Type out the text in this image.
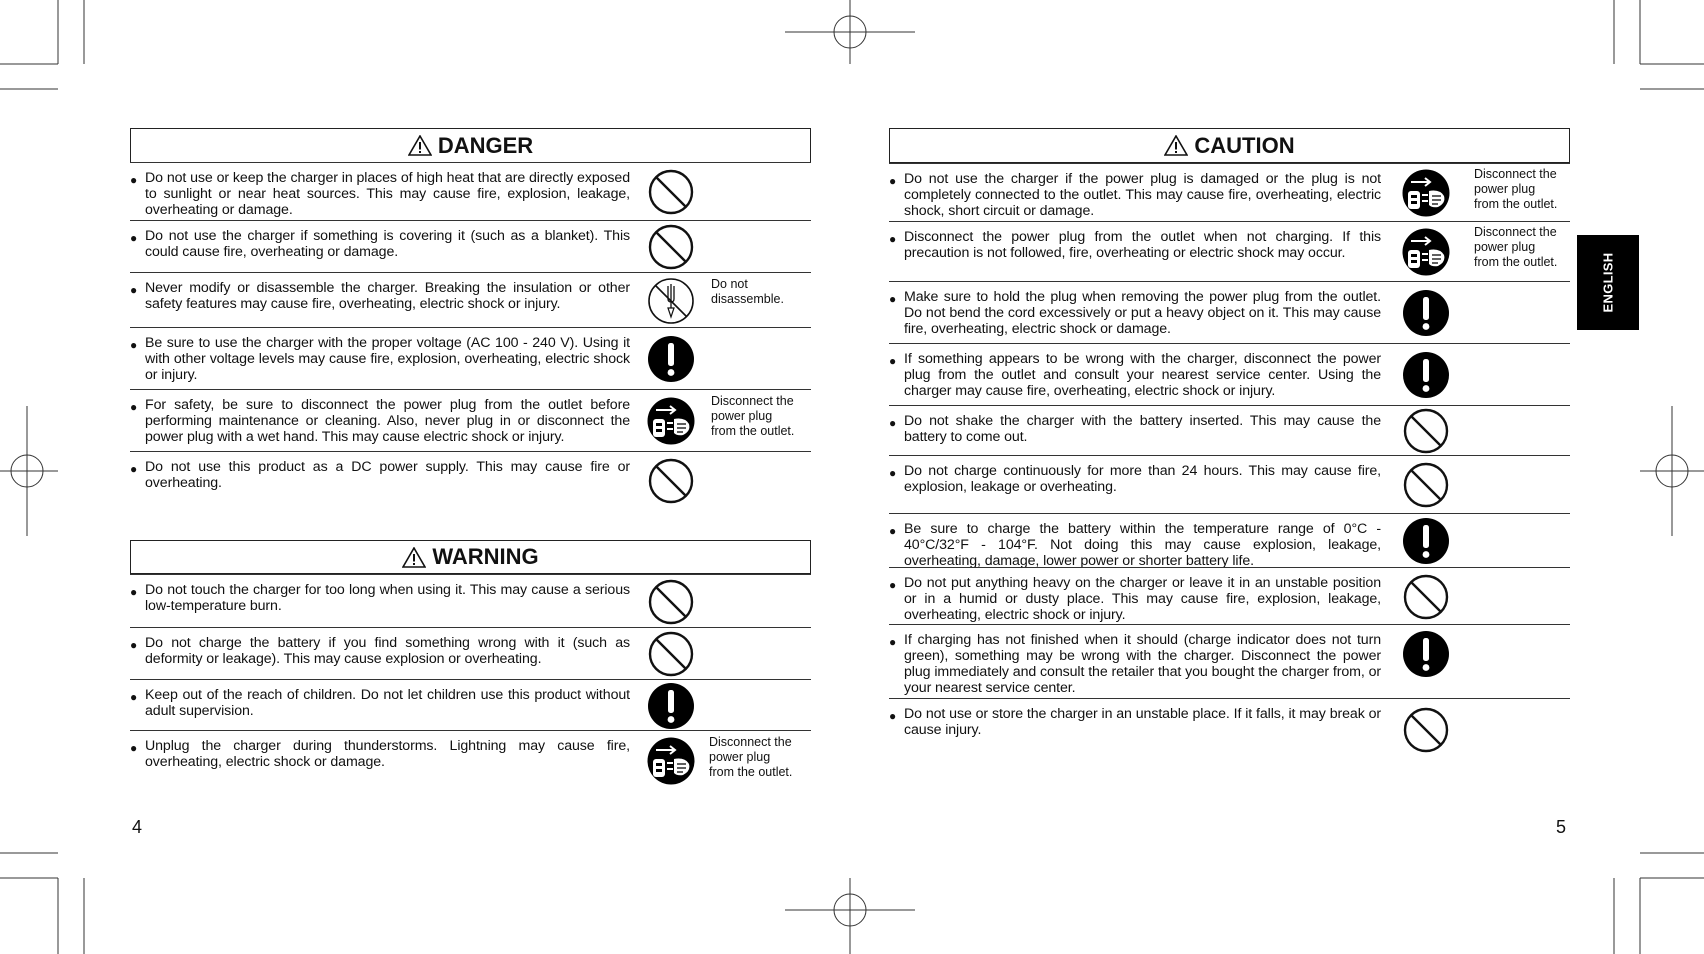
DANGER
● Do not use or keep the charger in places of high heat that are directly exposed to sunlight or near heat sources. This may cause fire, explosion, leakage, overheating or damage.
● Do not use the charger if something is covering it (such as a blanket). This could cause fire, overheating or damage.
● Never modify or disassemble the charger. Breaking the insulation or other safety features may cause fire, overheating, electric shock or injury.
Do not
disassemble.
● Be sure to use the charger with the proper voltage (AC 100 - 240 V). Using it with other voltage levels may cause fire, explosion, overheating, electric shock or injury.
● For safety, be sure to disconnect the power plug from the outlet before performing maintenance or cleaning. Also, never plug in or disconnect the power plug with a wet hand. This may cause electric shock or injury.
Disconnect the
power plug
from the outlet.
● Do not use this product as a DC power supply. This may cause fire or overheating.
WARNING
● Do not touch the charger for too long when using it. This may cause a serious low-temperature burn.
● Do not charge the battery if you find something wrong with it (such as deformity or leakage). This may cause explosion or overheating.
● Keep out of the reach of children. Do not let children use this product without adult supervision.
● Unplug the charger during thunderstorms. Lightning may cause fire, overheating, electric shock or damage.
Disconnect the
power plug
from the outlet.
CAUTION
● Do not use the charger if the power plug is damaged or the plug is not completely connected to the outlet. This may cause fire, overheating, electric shock, short circuit or damage.
Disconnect the
power plug
from the outlet.
● Disconnect the power plug from the outlet when not charging. If this precaution is not followed, fire, overheating or electric shock may occur.
Disconnect the
power plug
from the outlet.
● Make sure to hold the plug when removing the power plug from the outlet. Do not bend the cord excessively or put a heavy object on it. This may cause fire, overheating, electric shock or damage.
● If something appears to be wrong with the charger, disconnect the power plug from the outlet and consult your nearest service center. Using the charger may cause fire, overheating, electric shock or injury.
● Do not shake the charger with the battery inserted. This may cause the battery to come out.
● Do not charge continuously for more than 24 hours. This may cause fire, explosion, leakage or overheating.
● Be sure to charge the battery within the temperature range of 0°C - 40°C/32°F - 104°F. Not doing this may cause explosion, leakage, overheating, damage, lower power or shorter battery life.
● Do not put anything heavy on the charger or leave it in an unstable position or in a humid or dusty place. This may cause fire, explosion, leakage, overheating, electric shock or injury.
● If charging has not finished when it should (charge indicator does not turn green), something may be wrong with the charger. Disconnect the power plug immediately and consult the retailer that you bought the charger from, or your nearest service center.
● Do not use or store the charger in an unstable place. If it falls, it may break or cause injury.
4	5
ENGLISH
